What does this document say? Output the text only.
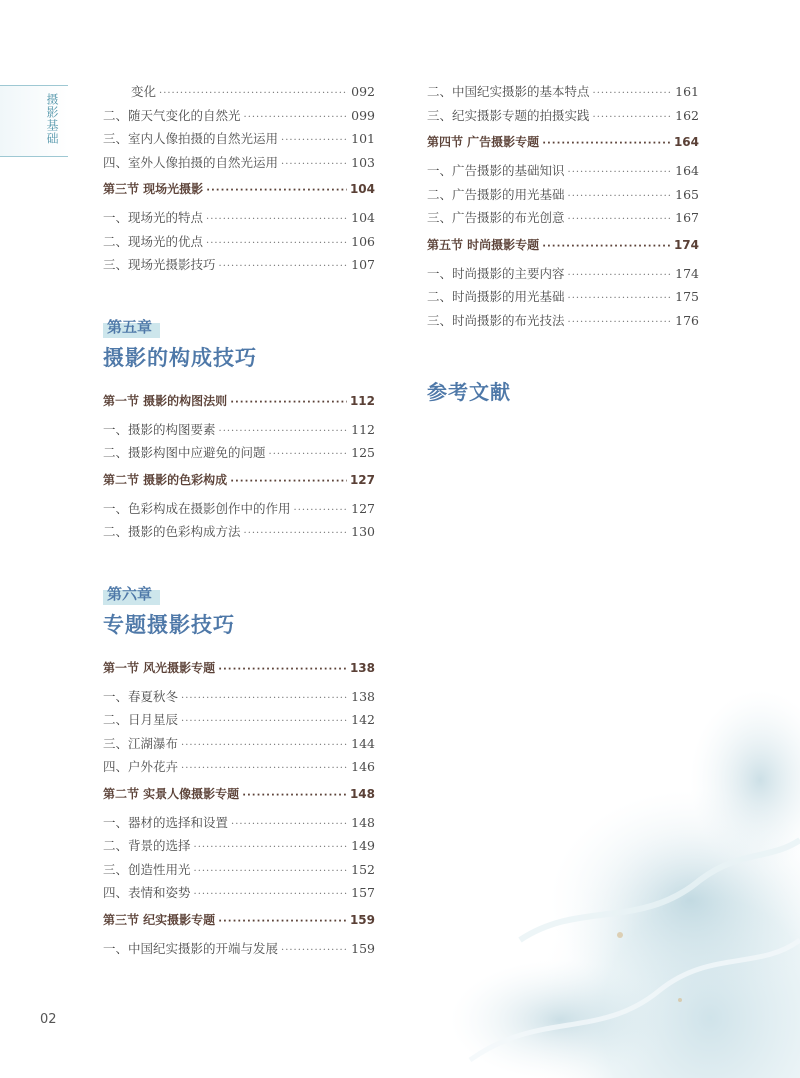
摄影基础
变化 ·····	092
二、随天气变化的自然光 ·····	099
三、室内人像拍摄的自然光运用 ·····	101
四、室外人像拍摄的自然光运用 ·····	103
第三节 现场光摄影 ·····	104
一、现场光的特点 ·····	104
二、现场光的优点 ·····	106
三、现场光摄影技巧 ·····	107
第五章
摄影的构成技巧
第一节 摄影的构图法则 ·····	112
一、摄影的构图要素 ·····	112
二、摄影构图中应避免的问题 ·····	125
第二节 摄影的色彩构成 ·····	127
一、色彩构成在摄影创作中的作用 ·····	127
二、摄影的色彩构成方法 ·····	130
第六章
专题摄影技巧
第一节 风光摄影专题 ·····	138
一、春夏秋冬 ·····	138
二、日月星辰 ·····	142
三、江湖瀑布 ·····	144
四、户外花卉 ·····	146
第二节 实景人像摄影专题 ·····	148
一、器材的选择和设置 ·····	148
二、背景的选择 ·····	149
三、创造性用光 ·····	152
四、表情和姿势 ·····	157
第三节 纪实摄影专题 ·····	159
一、中国纪实摄影的开端与发展 ·····	159
二、中国纪实摄影的基本特点 ·····	161
三、纪实摄影专题的拍摄实践 ·····	162
第四节 广告摄影专题 ·····	164
一、广告摄影的基础知识 ·····	164
二、广告摄影的用光基础 ·····	165
三、广告摄影的布光创意 ·····	167
第五节 时尚摄影专题 ·····	174
一、时尚摄影的主要内容 ·····	174
二、时尚摄影的用光基础 ·····	175
三、时尚摄影的布光技法 ·····	176
参考文献
02
